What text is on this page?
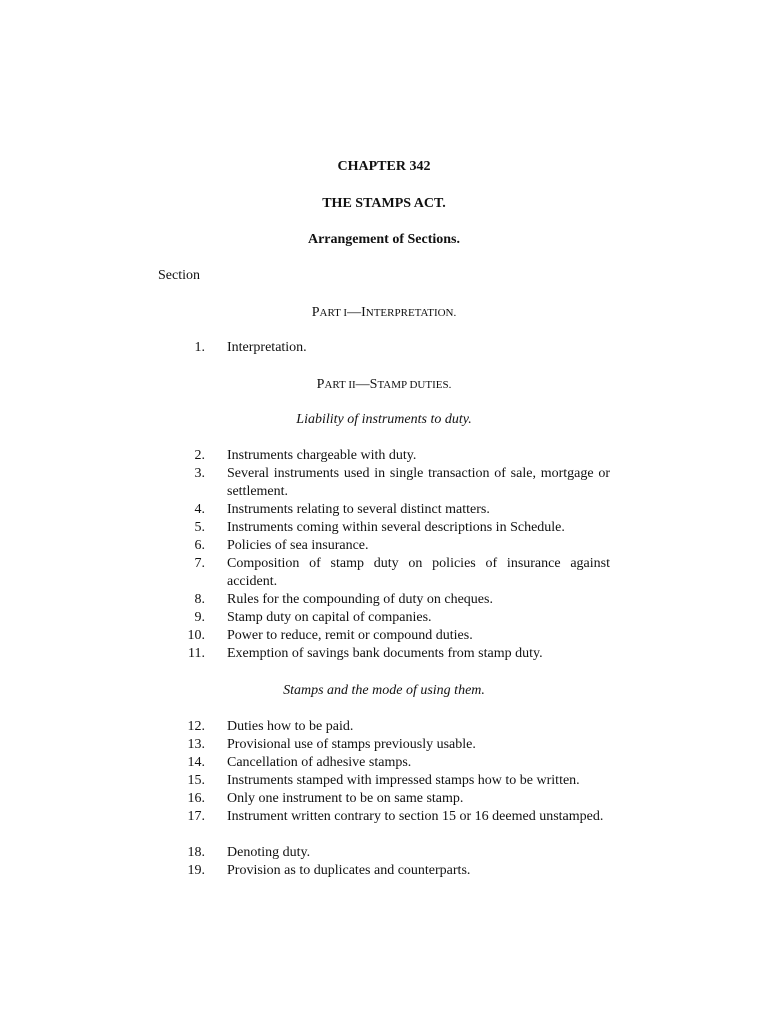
CHAPTER 342
THE STAMPS ACT.
Arrangement of Sections.
Section
PART I—INTERPRETATION.
1. Interpretation.
PART II—STAMP DUTIES.
Liability of instruments to duty.
2. Instruments chargeable with duty.
3. Several instruments used in single transaction of sale, mortgage or settlement.
4. Instruments relating to several distinct matters.
5. Instruments coming within several descriptions in Schedule.
6. Policies of sea insurance.
7. Composition of stamp duty on policies of insurance against accident.
8. Rules for the compounding of duty on cheques.
9. Stamp duty on capital of companies.
10. Power to reduce, remit or compound duties.
11. Exemption of savings bank documents from stamp duty.
Stamps and the mode of using them.
12. Duties how to be paid.
13. Provisional use of stamps previously usable.
14. Cancellation of adhesive stamps.
15. Instruments stamped with impressed stamps how to be written.
16. Only one instrument to be on same stamp.
17. Instrument written contrary to section 15 or 16 deemed unstamped.
18. Denoting duty.
19. Provision as to duplicates and counterparts.
